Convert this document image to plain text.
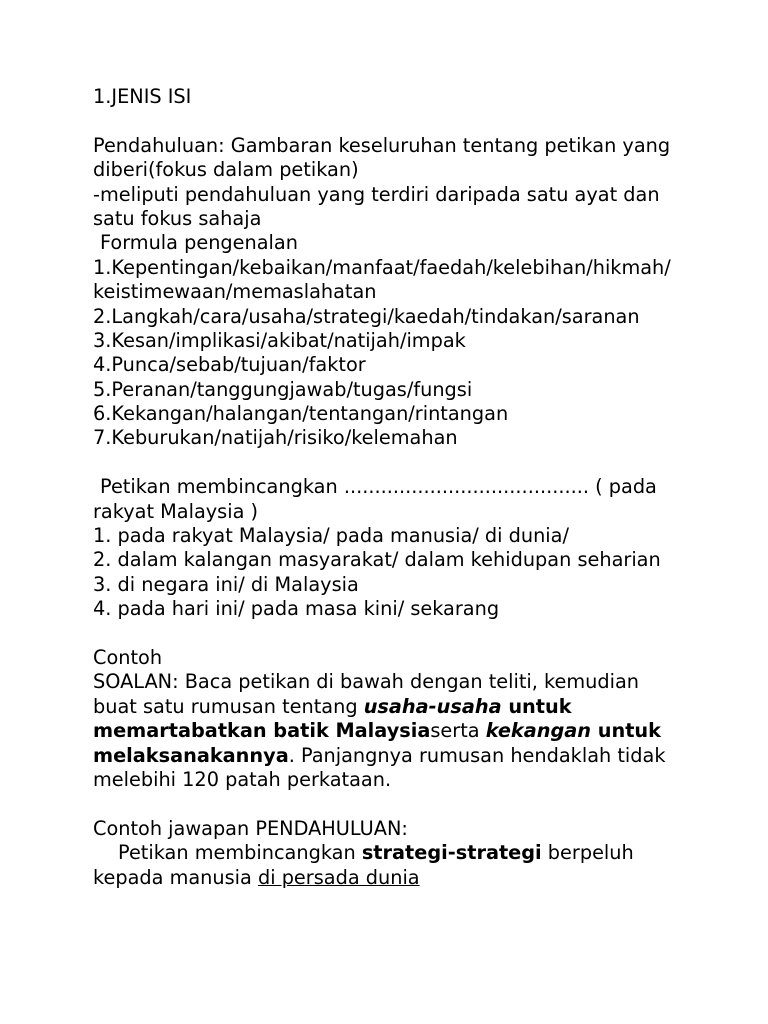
1.JENIS ISI
Pendahuluan: Gambaran keseluruhan tentang petikan yang
diberi(fokus dalam petikan)
-meliputi pendahuluan yang terdiri daripada satu ayat dan
satu fokus sahaja
Formula pengenalan
1.Kepentingan/kebaikan/manfaat/faedah/kelebihan/hikmah/
keistimewaan/memaslahatan
2.Langkah/cara/usaha/strategi/kaedah/tindakan/saranan
3.Kesan/implikasi/akibat/natijah/impak
4.Punca/sebab/tujuan/faktor
5.Peranan/tanggungjawab/tugas/fungsi
6.Kekangan/halangan/tentangan/rintangan
7.Keburukan/natijah/risiko/kelemahan
Petikan membincangkan ........................................ ( pada
rakyat Malaysia )
1. pada rakyat Malaysia/ pada manusia/ di dunia/
2. dalam kalangan masyarakat/ dalam kehidupan seharian
3. di negara ini/ di Malaysia
4. pada hari ini/ pada masa kini/ sekarang
Contoh
SOALAN: Baca petikan di bawah dengan teliti, kemudian
buat satu rumusan tentang usaha-usaha untuk
memartabatkan batik Malaysiaserta kekangan untuk
melaksanakannya. Panjangnya rumusan hendaklah tidak
melebihi 120 patah perkataan.
Contoh jawapan PENDAHULUAN:
Petikan membincangkan strategi-strategi berpeluh
kepada manusia di persada dunia
